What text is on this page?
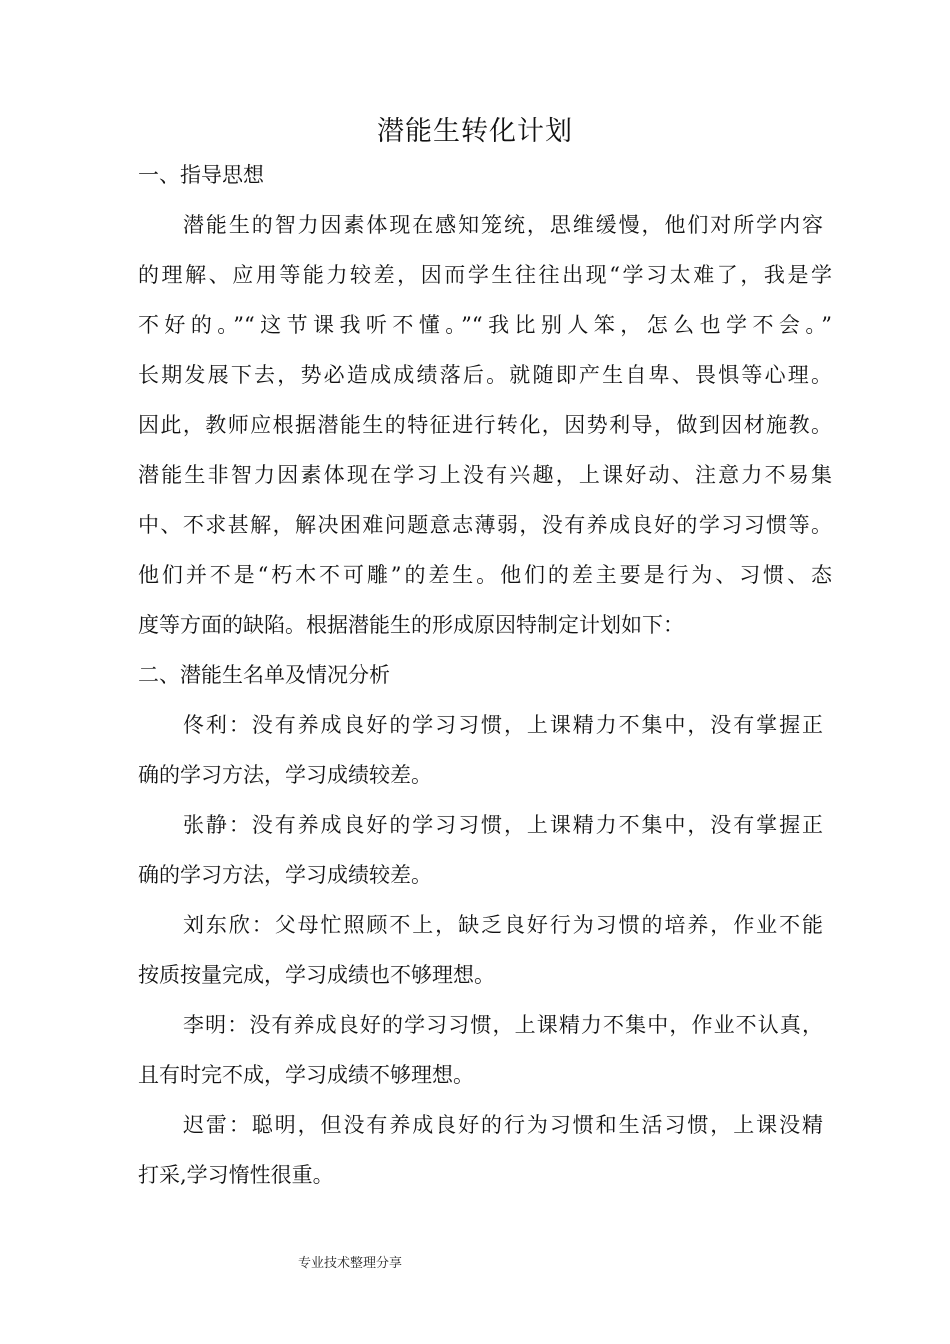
潜能生转化计划
一、指导思想
潜能生的智力因素体现在感知笼统，思维缓慢，他们对所学内容
的理解、应用等能力较差，因而学生往往出现“学习太难了，我是学
不好的。”“这节课我听不懂。”“我比别人笨，怎么也学不会。”
长期发展下去，势必造成成绩落后。就随即产生自卑、畏惧等心理。
因此，教师应根据潜能生的特征进行转化，因势利导，做到因材施教。
潜能生非智力因素体现在学习上没有兴趣，上课好动、注意力不易集
中、不求甚解，解决困难问题意志薄弱，没有养成良好的学习习惯等。
他们并不是“朽木不可雕”的差生。他们的差主要是行为、习惯、态
度等方面的缺陷。根据潜能生的形成原因特制定计划如下：
二、潜能生名单及情况分析
佟利：没有养成良好的学习习惯，上课精力不集中，没有掌握正
确的学习方法，学习成绩较差。
张静：没有养成良好的学习习惯，上课精力不集中，没有掌握正
确的学习方法，学习成绩较差。
刘东欣：父母忙照顾不上，缺乏良好行为习惯的培养，作业不能
按质按量完成，学习成绩也不够理想。
李明：没有养成良好的学习习惯，上课精力不集中，作业不认真，
且有时完不成，学习成绩不够理想。
迟雷：聪明，但没有养成良好的行为习惯和生活习惯，上课没精
打采,学习惰性很重。
专业技术整理分享
